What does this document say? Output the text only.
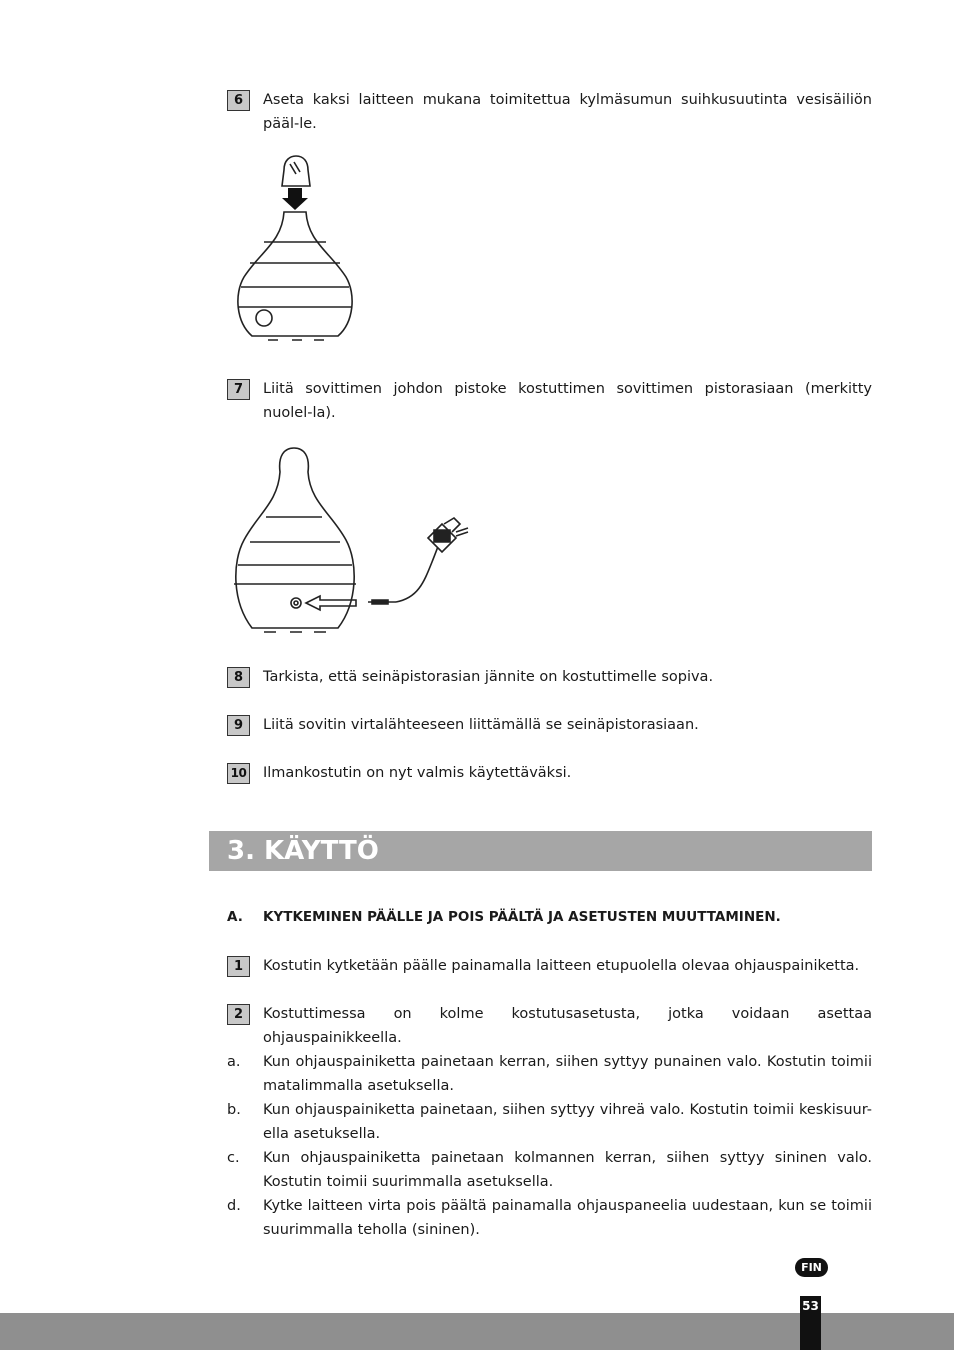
6	Aseta kaksi laitteen mukana toimitettua kylmäsumun suihkusuutinta vesisäiliön pääl-le.
7	Liitä sovittimen johdon pistoke kostuttimen sovittimen pistorasiaan (merkitty nuolel-la).
8	Tarkista, että seinäpistorasian jännite on kostuttimelle sopiva.
9	Liitä sovitin virtalähteeseen liittämällä se seinäpistorasiaan.
10 Ilmankostutin on nyt valmis käytettäväksi.
3. KÄYTTÖ
A. KYTKEMINEN PÄÄLLE JA POIS PÄÄLTÄ JA ASETUSTEN MUUTTAMINEN.
1	Kostutin kytketään päälle painamalla laitteen etupuolella olevaa ohjauspainiketta.
2	Kostuttimessa on kolme kostutusasetusta, jotka voidaan asettaa ohjauspainikkeella.
a. Kun ohjauspainiketta painetaan kerran, siihen syttyy punainen valo. Kostutin toimii matalimmalla asetuksella.
b. Kun ohjauspainiketta painetaan, siihen syttyy vihreä valo. Kostutin toimii keskisuur-ella asetuksella.
c. Kun ohjauspainiketta painetaan kolmannen kerran, siihen syttyy sininen valo. Kostutin toimii suurimmalla asetuksella.
d. Kytke laitteen virta pois päältä painamalla ohjauspaneelia uudestaan, kun se toimii suurimmalla teholla (sininen).
FIN
53
